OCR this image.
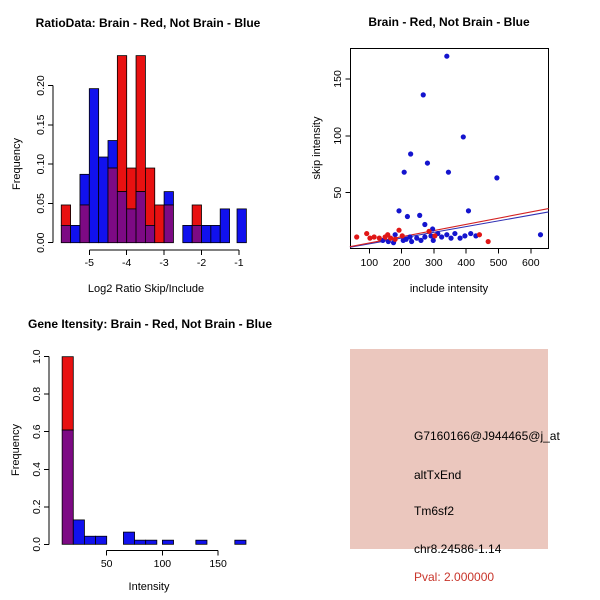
-5	-4	-3	-2	-1
0.00
0.05
0.10
0.15
0.20
RatioData: Brain - Red, Not Brain - Blue
Log2 Ratio Skip/Include
Frequency
100 200 300 400 500 600
50
100
150
Brain - Red, Not Brain - Blue
include intensity
skip intensity
50	100	150
0.0
0.2
0.4
0.6
0.8
1.0
Gene Itensity: Brain - Red, Not Brain - Blue
Intensity
Frequency	G7160166@J944465@j_at
altTxEnd
Tm6sf2
chr8.24586-1.14
Pval: 2.000000
